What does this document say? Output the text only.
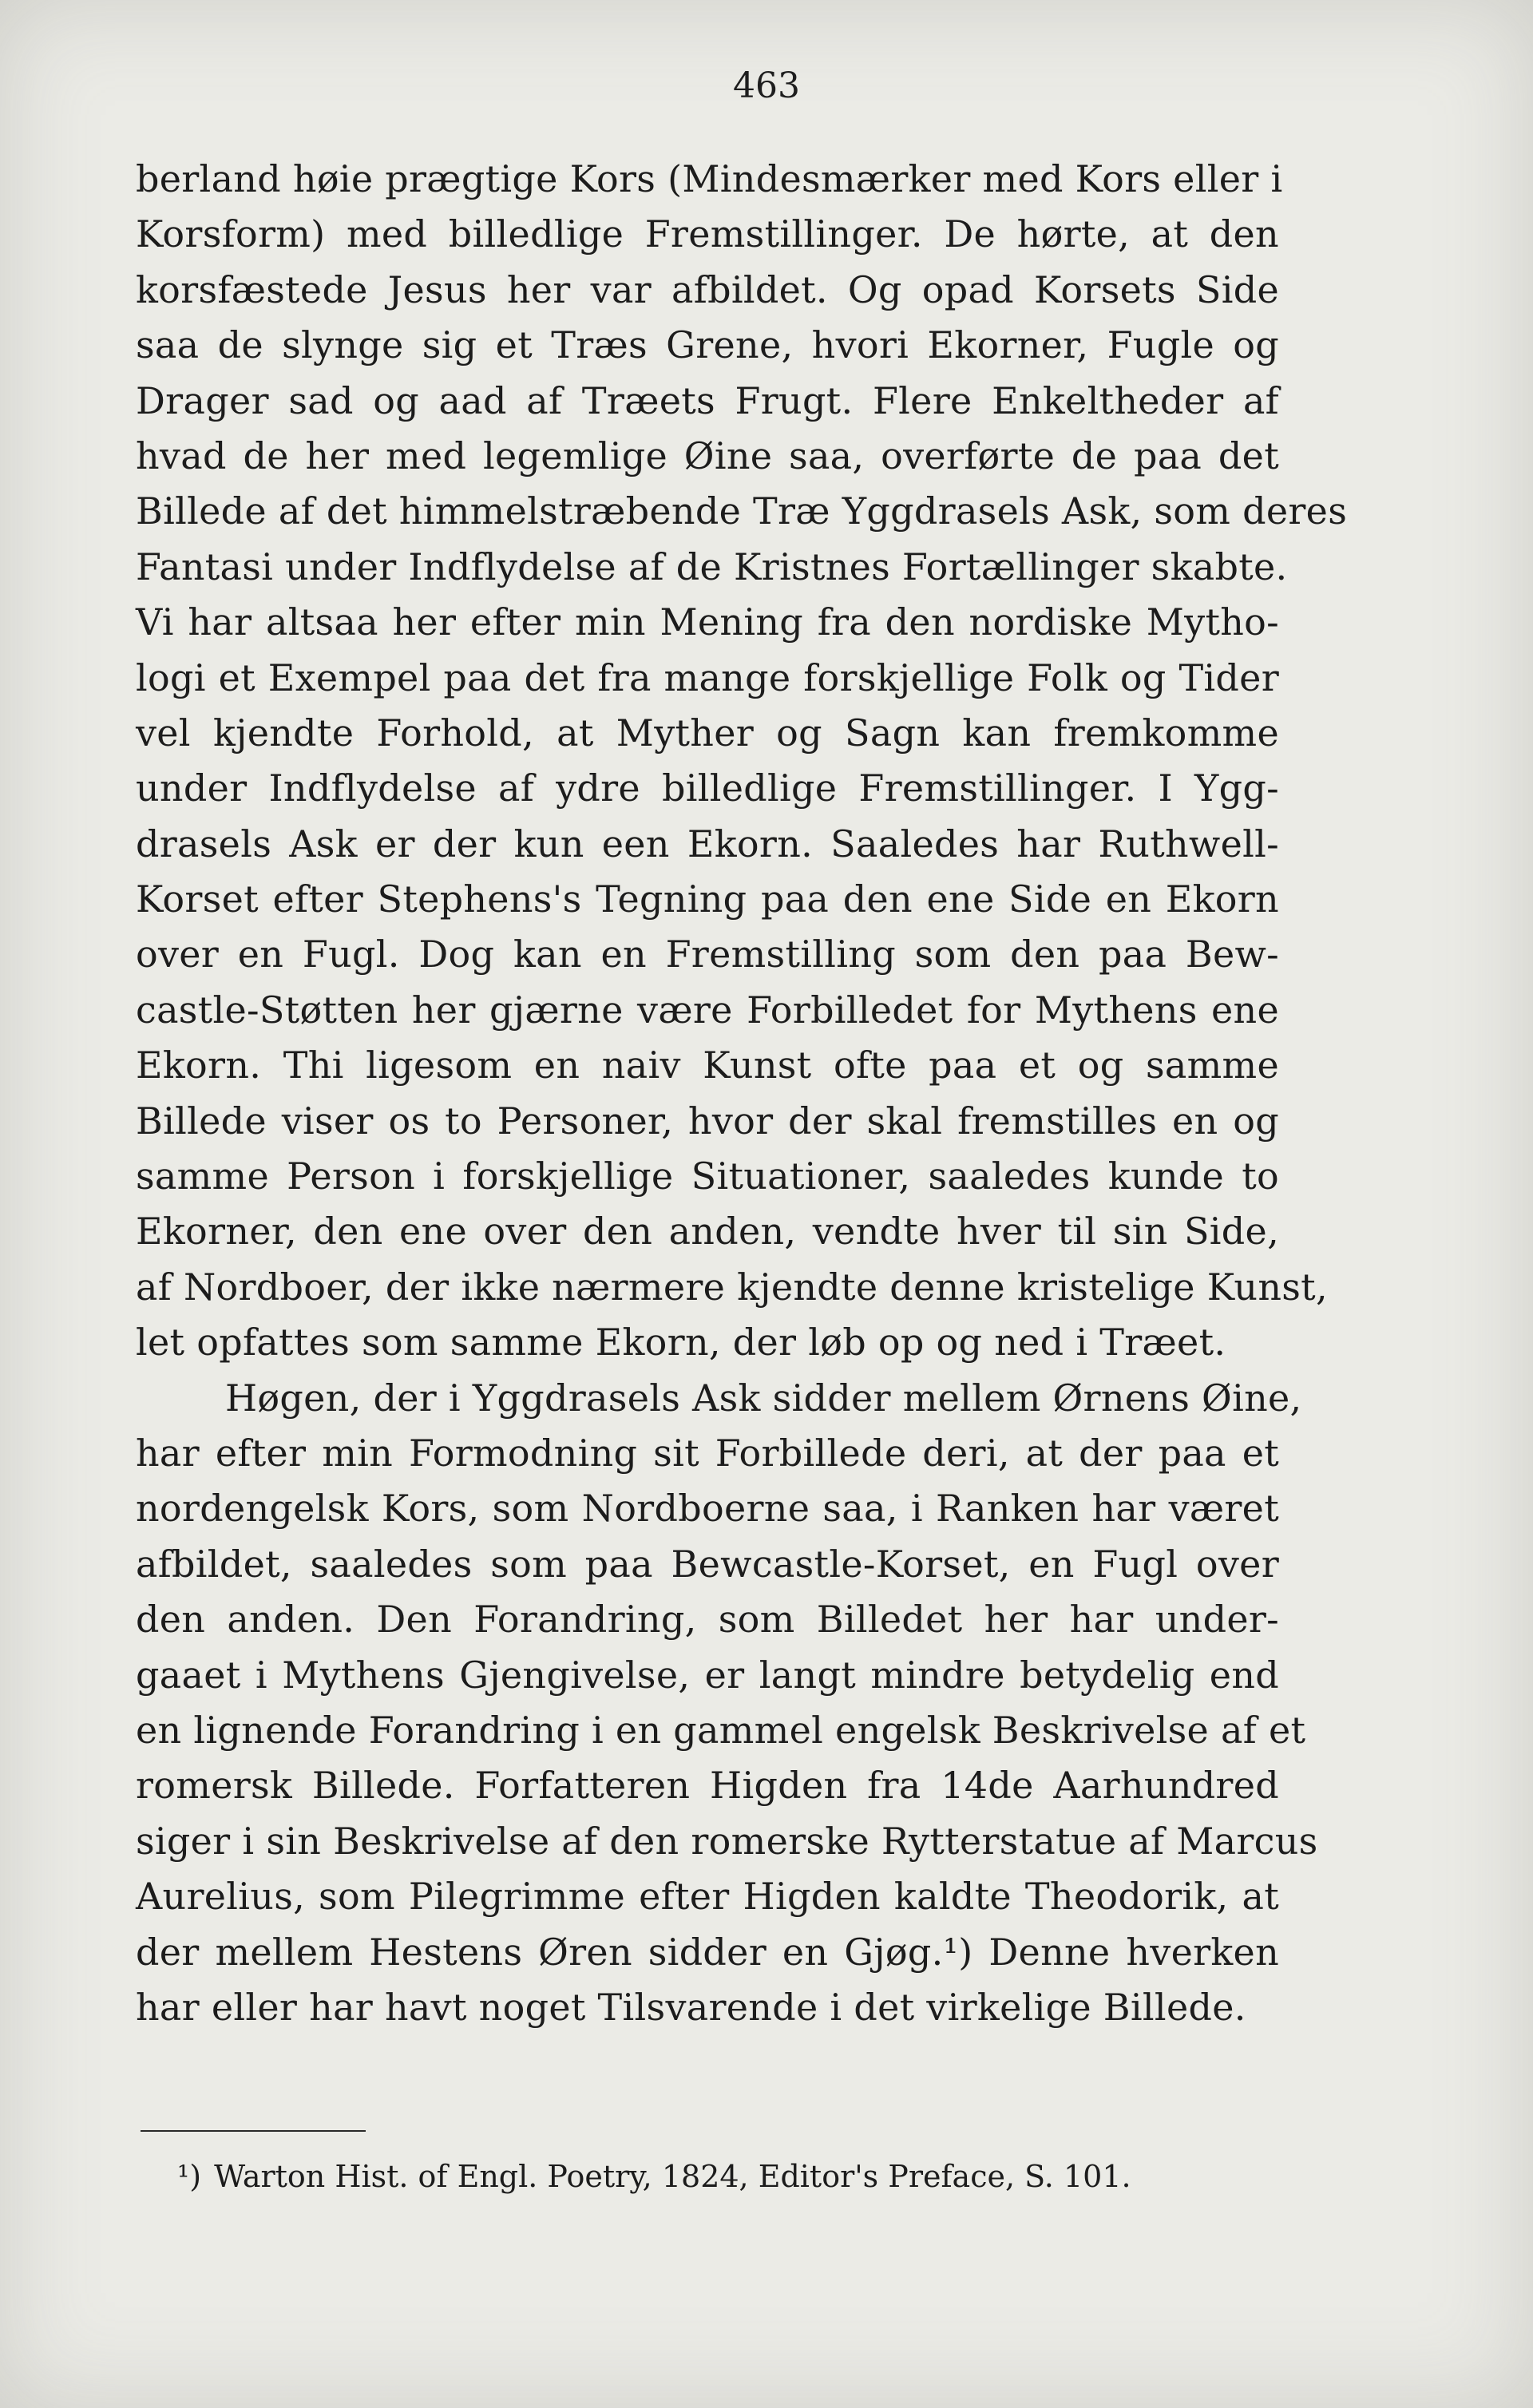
463
berland høie prægtige Kors (Mindesmærker med Kors eller i
Korsform) med billedlige Fremstillinger. De hørte, at den
korsfæstede Jesus her var afbildet. Og opad Korsets Side
saa de slynge sig et Træs Grene, hvori Ekorner, Fugle og
Drager sad og aad af Træets Frugt. Flere Enkeltheder af
hvad de her med legemlige Øine saa, overførte de paa det
Billede af det himmelstræbende Træ Yggdrasels Ask, som deres
Fantasi under Indflydelse af de Kristnes Fortællinger skabte.
Vi har altsaa her efter min Mening fra den nordiske Mytho-
logi et Exempel paa det fra mange forskjellige Folk og Tider
vel kjendte Forhold, at Myther og Sagn kan fremkomme
under Indflydelse af ydre billedlige Fremstillinger. I Ygg-
drasels Ask er der kun een Ekorn. Saaledes har Ruthwell-
Korset efter Stephens's Tegning paa den ene Side en Ekorn
over en Fugl. Dog kan en Fremstilling som den paa Bew-
castle-Støtten her gjærne være Forbilledet for Mythens ene
Ekorn. Thi ligesom en naiv Kunst ofte paa et og samme
Billede viser os to Personer, hvor der skal fremstilles en og
samme Person i forskjellige Situationer, saaledes kunde to
Ekorner, den ene over den anden, vendte hver til sin Side,
af Nordboer, der ikke nærmere kjendte denne kristelige Kunst,
let opfattes som samme Ekorn, der løb op og ned i Træet.
Høgen, der i Yggdrasels Ask sidder mellem Ørnens Øine,
har efter min Formodning sit Forbillede deri, at der paa et
nordengelsk Kors, som Nordboerne saa, i Ranken har været
afbildet, saaledes som paa Bewcastle-Korset, en Fugl over
den anden. Den Forandring, som Billedet her har under-
gaaet i Mythens Gjengivelse, er langt mindre betydelig end
en lignende Forandring i en gammel engelsk Beskrivelse af et
romersk Billede. Forfatteren Higden fra 14de Aarhundred
siger i sin Beskrivelse af den romerske Rytterstatue af Marcus
Aurelius, som Pilegrimme efter Higden kaldte Theodorik, at
der mellem Hestens Øren sidder en Gjøg.¹) Denne hverken
har eller har havt noget Tilsvarende i det virkelige Billede.
¹) Warton Hist. of Engl. Poetry, 1824, Editor's Preface, S. 101.
